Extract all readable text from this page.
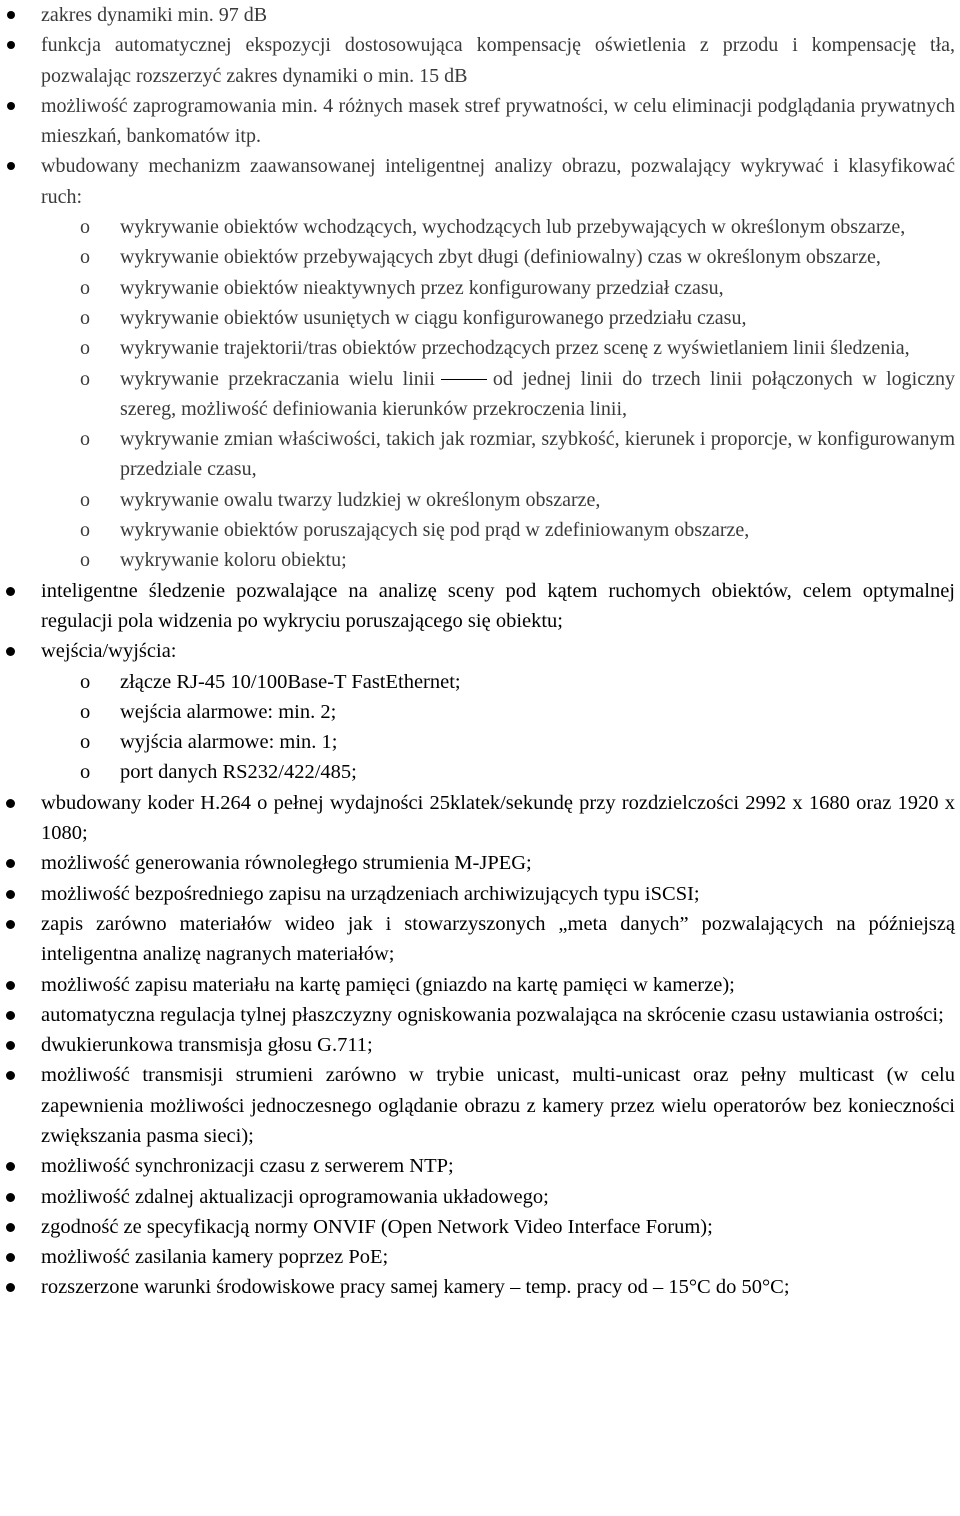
zakres dynamiki min. 97 dB
funkcja automatycznej ekspozycji dostosowująca kompensację oświetlenia z przodu i kompensację tła, pozwalając rozszerzyć zakres dynamiki o min. 15 dB
możliwość zaprogramowania min. 4 różnych masek stref prywatności, w celu eliminacji podglądania prywatnych mieszkań, bankomatów itp.
wbudowany mechanizm zaawansowanej inteligentnej analizy obrazu, pozwalający wykrywać i klasyfikować ruch:
o wykrywanie obiektów wchodzących, wychodzących lub przebywających w określonym obszarze,
o wykrywanie obiektów przebywających zbyt długi (definiowalny) czas w określonym obszarze,
o wykrywanie obiektów nieaktywnych przez konfigurowany przedział czasu,
o wykrywanie obiektów usuniętych w ciągu konfigurowanego przedziału czasu,
o wykrywanie trajektorii/tras obiektów przechodzących przez scenę z wyświetlaniem linii śledzenia,
o wykrywanie przekraczania wielu linii	od jednej linii do trzech linii połączonych w logiczny szereg, możliwość definiowania kierunków przekroczenia linii,
o wykrywanie zmian właściwości, takich jak rozmiar, szybkość, kierunek i proporcje, w konfigurowanym przedziale czasu,
o wykrywanie owalu twarzy ludzkiej w określonym obszarze,
o wykrywanie obiektów poruszających się pod prąd w zdefiniowanym obszarze,
o wykrywanie koloru obiektu;
inteligentne śledzenie pozwalające na analizę sceny pod kątem ruchomych obiektów, celem optymalnej regulacji pola widzenia po wykryciu poruszającego się obiektu;
wejścia/wyjścia:
o złącze RJ-45 10/100Base-T FastEthernet;
o wejścia alarmowe: min. 2;
o wyjścia alarmowe: min. 1;
o port danych RS232/422/485;
wbudowany koder H.264 o pełnej wydajności 25klatek/sekundę przy rozdzielczości 2992 x 1680 oraz 1920 x 1080;
możliwość generowania równoległego strumienia M-JPEG;
możliwość bezpośredniego zapisu na urządzeniach archiwizujących typu iSCSI;
zapis zarówno materiałów wideo jak i stowarzyszonych „meta danych” pozwalających na późniejszą inteligentna analizę nagranych materiałów;
możliwość zapisu materiału na kartę pamięci (gniazdo na kartę pamięci w kamerze);
automatyczna regulacja tylnej płaszczyzny ogniskowania pozwalająca na skrócenie czasu ustawiania ostrości;
dwukierunkowa transmisja głosu G.711;
możliwość transmisji strumieni zarówno w trybie unicast, multi-unicast oraz pełny multicast (w celu zapewnienia możliwości jednoczesnego oglądanie obrazu z kamery przez wielu operatorów bez konieczności zwiększania pasma sieci);
możliwość synchronizacji czasu z serwerem NTP;
możliwość zdalnej aktualizacji oprogramowania układowego;
zgodność ze specyfikacją normy ONVIF (Open Network Video Interface Forum);
możliwość zasilania kamery poprzez PoE;
rozszerzone warunki środowiskowe pracy samej kamery – temp. pracy od – 15°C do 50°C;
